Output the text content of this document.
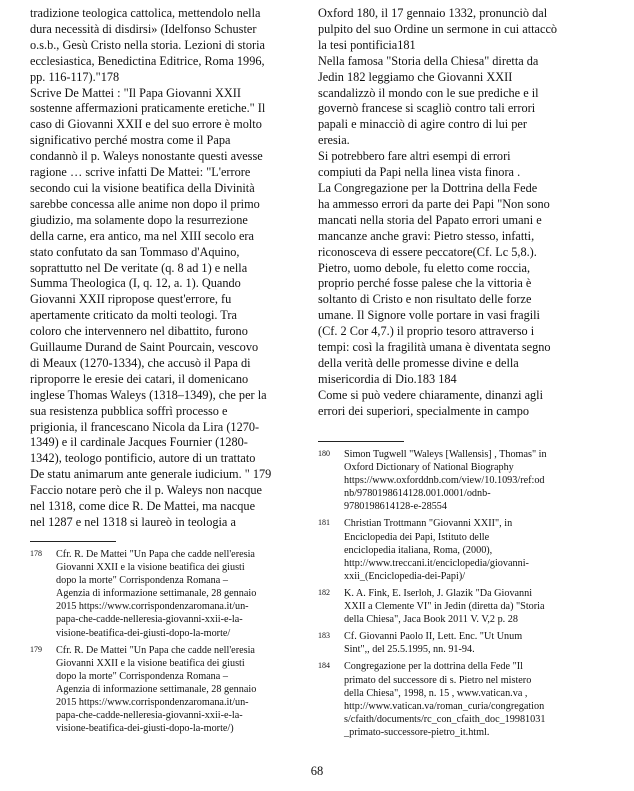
tradizione teologica cattolica, mettendolo nella
dura necessità di disdirsi» (Idelfonso Schuster
o.s.b., Gesù Cristo nella storia. Lezioni di storia
ecclesiastica, Benedictina Editrice, Roma 1996,
pp. 116-117)."178
Scrive De Mattei : "Il Papa Giovanni XXII
sostenne affermazioni praticamente eretiche." Il
caso di Giovanni XXII e del suo errore è molto
significativo perché mostra come il Papa
condannò il p. Waleys nonostante questi avesse
ragione … scrive infatti De Mattei: "L'errore
secondo cui la visione beatifica della Divinità
sarebbe concessa alle anime non dopo il primo
giudizio, ma solamente dopo la resurrezione
della carne, era antico, ma nel XIII secolo era
stato confutato da san Tommaso d'Aquino,
soprattutto nel De veritate (q. 8 ad 1) e nella
Summa Theologica (I, q. 12, a. 1). Quando
Giovanni XXII ripropose quest'errore, fu
apertamente criticato da molti teologi. Tra
coloro che intervennero nel dibattito, furono
Guillaume Durand de Saint Pourcain, vescovo
di Meaux (1270-1334), che accusò il Papa di
riproporre le eresie dei catari, il domenicano
inglese Thomas Waleys (1318–1349), che per la
sua resistenza pubblica soffrì processo e
prigionia, il francescano Nicola da Lira (1270-
1349) e il cardinale Jacques Fournier (1280-
1342), teologo pontificio, autore di un trattato
De statu animarum ante generale iudicium. " 179
Faccio notare però che il p. Waleys non nacque
nel 1318, come dice R. De Mattei, ma nacque
nel 1287 e nel 1318 si laureò in teologia a
Oxford 180, il 17 gennaio 1332, pronunciò dal
pulpito del suo Ordine un sermone in cui attaccò
la tesi pontificia181
Nella famosa "Storia della Chiesa" diretta da
Jedin 182 leggiamo che Giovanni XXII
scandalizzò il mondo con le sue prediche e il
governò francese si scagliò contro tali errori
papali e minacciò di agire contro di lui per
eresia.
Si potrebbero fare altri esempi di errori
compiuti da Papi nella linea vista finora .
La Congregazione per la Dottrina della Fede
ha ammesso errori da parte dei Papi "Non sono
mancati nella storia del Papato errori umani e
mancanze anche gravi: Pietro stesso, infatti,
riconosceva di essere peccatore(Cf. Lc 5,8.).
Pietro, uomo debole, fu eletto come roccia,
proprio perché fosse palese che la vittoria è
soltanto di Cristo e non risultato delle forze
umane. Il Signore volle portare in vasi fragili
(Cf. 2 Cor 4,7.) il proprio tesoro attraverso i
tempi: così la fragilità umana è diventata segno
della verità delle promesse divine e della
misericordia di Dio.183 184
Come si può vedere chiaramente, dinanzi agli
errori dei superiori, specialmente in campo
178	Cfr. R. De Mattei "Un Papa che cadde nell'eresia
Giovanni XXII e la visione beatifica dei giusti
dopo la morte" Corrispondenza Romana –
Agenzia di informazione settimanale, 28 gennaio
2015 https://www.corrispondenzaromana.it/un-
papa-che-cadde-nelleresia-giovanni-xxii-e-la-
visione-beatifica-dei-giusti-dopo-la-morte/
179	Cfr. R. De Mattei "Un Papa che cadde nell'eresia
Giovanni XXII e la visione beatifica dei giusti
dopo la morte" Corrispondenza Romana –
Agenzia di informazione settimanale, 28 gennaio
2015 https://www.corrispondenzaromana.it/un-
papa-che-cadde-nelleresia-giovanni-xxii-e-la-
visione-beatifica-dei-giusti-dopo-la-morte/)
180	Simon Tugwell "Waleys [Wallensis] , Thomas" in
Oxford Dictionary of National Biography
https://www.oxforddnb.com/view/10.1093/ref:od
nb/9780198614128.001.0001/odnb-
9780198614128-e-28554
181	Christian Trottmann "Giovanni XXII", in
Enciclopedia dei Papi, Istituto delle
enciclopedia italiana, Roma, (2000),
http://www.treccani.it/enciclopedia/giovanni-
xxii_(Enciclopedia-dei-Papi)/
182	K. A. Fink, E. Iserloh, J. Glazik "Da Giovanni
XXII a Clemente VI" in Jedin (diretta da) "Storia
della Chiesa", Jaca Book 2011 V. V,2 p. 28
183	Cf. Giovanni Paolo II, Lett. Enc. "Ut Unum
Sint",, del 25.5.1995, nn. 91-94.
184	Congregazione per la dottrina della Fede "Il
primato del successore di s. Pietro nel mistero
della Chiesa", 1998, n. 15 , www.vatican.va ,
http://www.vatican.va/roman_curia/congregation
s/cfaith/documents/rc_con_cfaith_doc_19981031
_primato-successore-pietro_it.html.
68
